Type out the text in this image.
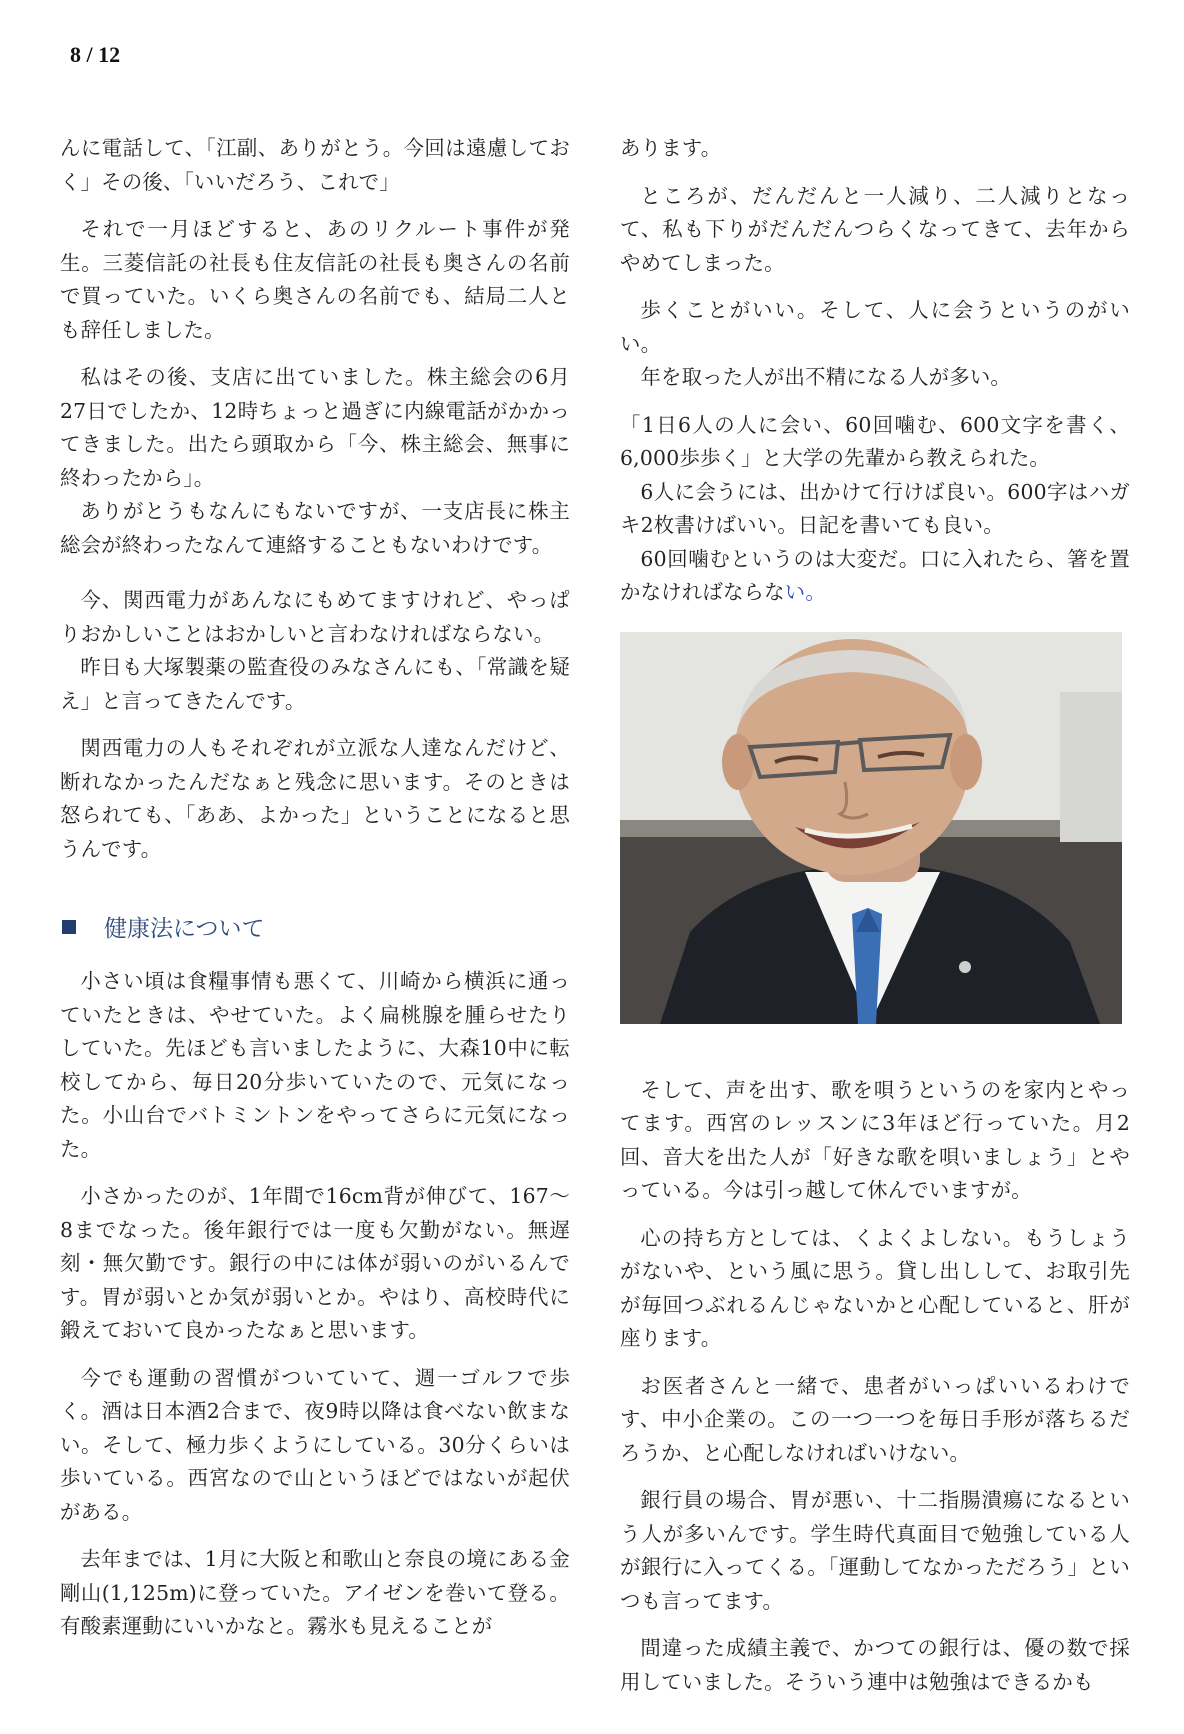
8 / 12

んに電話して、「江副、ありがとう。今回は遠慮しておく」その後、「いいだろう、これで」

それで一月ほどすると、あのリクルート事件が発生。三菱信託の社長も住友信託の社長も奥さんの名前で買っていた。いくら奥さんの名前でも、結局二人とも辞任しました。

私はその後、支店に出ていました。株主総会の6月27日でしたか、12時ちょっと過ぎに内線電話がかかってきました。出たら頭取から「今、株主総会、無事に終わったから」。

ありがとうもなんにもないですが、一支店長に株主総会が終わったなんて連絡することもないわけです。

今、関西電力があんなにもめてますけれど、やっぱりおかしいことはおかしいと言わなければならない。

昨日も大塚製薬の監査役のみなさんにも、「常識を疑え」と言ってきたんです。

関西電力の人もそれぞれが立派な人達なんだけど、断れなかったんだなぁと残念に思います。そのときは怒られても、「ああ、よかった」ということになると思うんです。

健康法について

小さい頃は食糧事情も悪くて、川崎から横浜に通っていたときは、やせていた。よく扁桃腺を腫らせたりしていた。先ほども言いましたように、大森10中に転校してから、毎日20分歩いていたので、元気になった。小山台でバトミントンをやってさらに元気になった。

小さかったのが、1年間で16cm背が伸びて、167～8までなった。後年銀行では一度も欠勤がない。無遅刻・無欠勤です。銀行の中には体が弱いのがいるんです。胃が弱いとか気が弱いとか。やはり、高校時代に鍛えておいて良かったなぁと思います。

今でも運動の習慣がついていて、週一ゴルフで歩く。酒は日本酒2合まで、夜9時以降は食べない飲まない。そして、極力歩くようにしている。30分くらいは歩いている。西宮なので山というほどではないが起伏がある。

去年までは、1月に大阪と和歌山と奈良の境にある金剛山(1,125m)に登っていた。アイゼンを巻いて登る。有酸素運動にいいかなと。霧氷も見えることが

あります。

ところが、だんだんと一人減り、二人減りとなって、私も下りがだんだんつらくなってきて、去年からやめてしまった。

歩くことがいい。そして、人に会うというのがいい。

年を取った人が出不精になる人が多い。

「1日6人の人に会い、60回噛む、600文字を書く、6,000歩歩く」と大学の先輩から教えられた。

6人に会うには、出かけて行けば良い。600字はハガキ2枚書けばいい。日記を書いても良い。

60回噛むというのは大変だ。口に入れたら、箸を置かなければならない。

そして、声を出す、歌を唄うというのを家内とやってます。西宮のレッスンに3年ほど行っていた。月2回、音大を出た人が「好きな歌を唄いましょう」とやっている。今は引っ越して休んでいますが。

心の持ち方としては、くよくよしない。もうしょうがないや、という風に思う。貸し出しして、お取引先が毎回つぶれるんじゃないかと心配していると、肝が座ります。

お医者さんと一緒で、患者がいっぱいいるわけです、中小企業の。この一つ一つを毎日手形が落ちるだろうか、と心配しなければいけない。

銀行員の場合、胃が悪い、十二指腸潰瘍になるという人が多いんです。学生時代真面目で勉強している人が銀行に入ってくる。「運動してなかっただろう」といつも言ってます。

間違った成績主義で、かつての銀行は、優の数で採用していました。そういう連中は勉強はできるかも
